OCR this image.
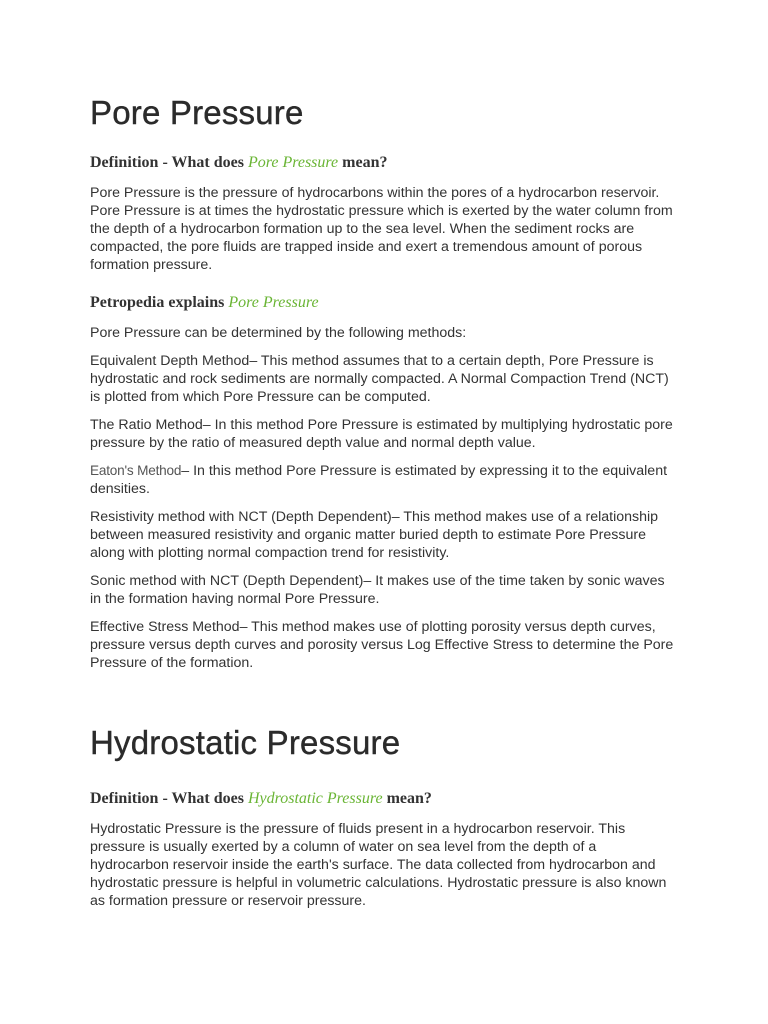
Pore Pressure
Definition - What does Pore Pressure mean?

Pore Pressure is the pressure of hydrocarbons within the pores of a hydrocarbon reservoir. Pore Pressure is at times the hydrostatic pressure which is exerted by the water column from the depth of a hydrocarbon formation up to the sea level. When the sediment rocks are compacted, the pore fluids are trapped inside and exert a tremendous amount of porous formation pressure.

Petropedia explains Pore Pressure

Pore Pressure can be determined by the following methods:

Equivalent Depth Method– This method assumes that to a certain depth, Pore Pressure is hydrostatic and rock sediments are normally compacted. A Normal Compaction Trend (NCT) is plotted from which Pore Pressure can be computed.

The Ratio Method– In this method Pore Pressure is estimated by multiplying hydrostatic pore pressure by the ratio of measured depth value and normal depth value.

Eaton's Method– In this method Pore Pressure is estimated by expressing it to the equivalent densities.

Resistivity method with NCT (Depth Dependent)– This method makes use of a relationship between measured resistivity and organic matter buried depth to estimate Pore Pressure along with plotting normal compaction trend for resistivity.

Sonic method with NCT (Depth Dependent)– It makes use of the time taken by sonic waves in the formation having normal Pore Pressure.

Effective Stress Method– This method makes use of plotting porosity versus depth curves, pressure versus depth curves and porosity versus Log Effective Stress to determine the Pore Pressure of the formation.

Hydrostatic Pressure
Definition - What does Hydrostatic Pressure mean?

Hydrostatic Pressure is the pressure of fluids present in a hydrocarbon reservoir. This pressure is usually exerted by a column of water on sea level from the depth of a hydrocarbon reservoir inside the earth's surface. The data collected from hydrocarbon and hydrostatic pressure is helpful in volumetric calculations. Hydrostatic pressure is also known as formation pressure or reservoir pressure.
